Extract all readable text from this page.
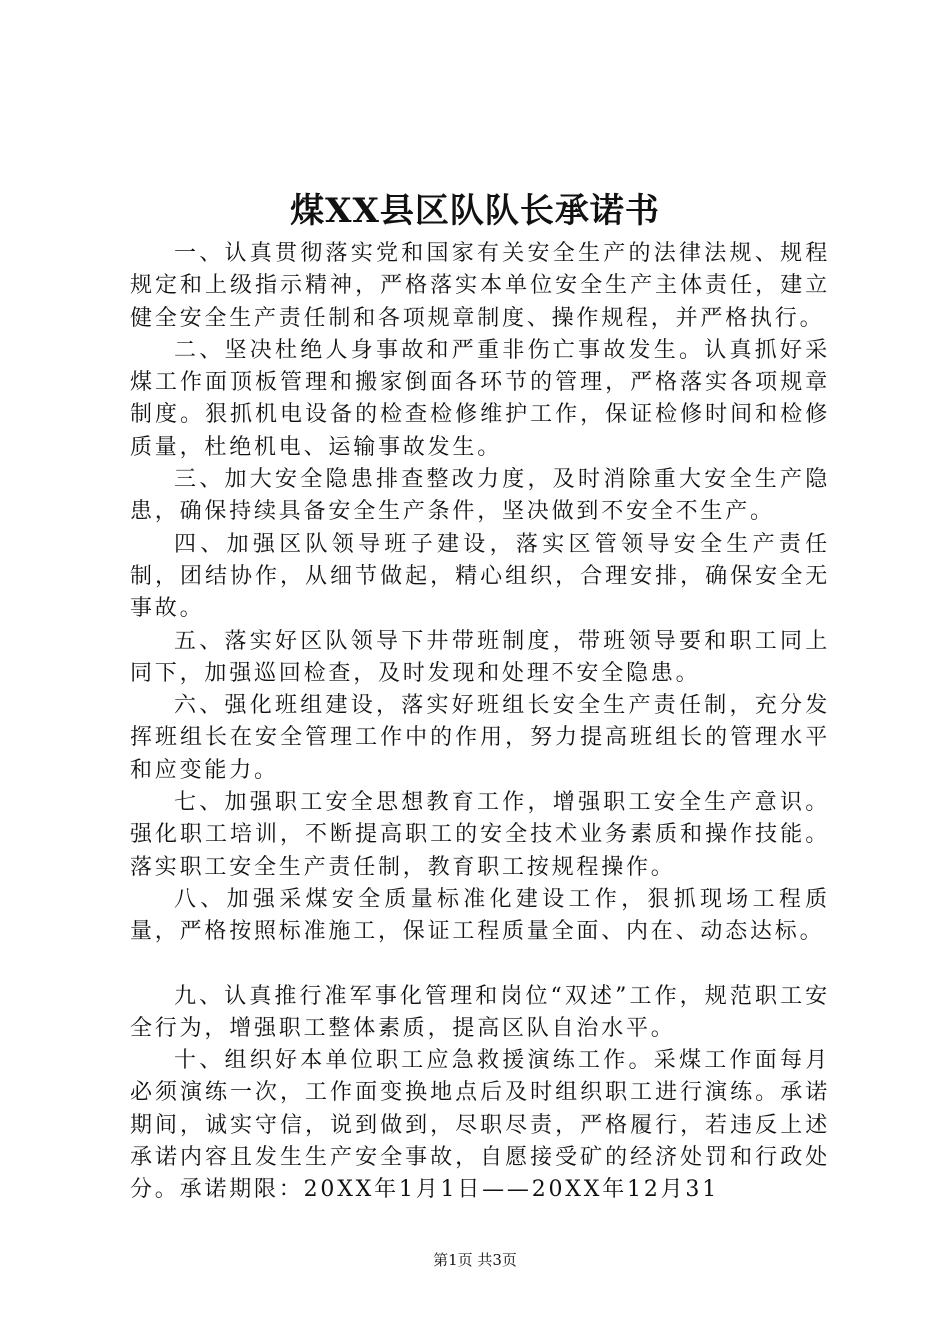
煤XX县区队队长承诺书

一、认真贯彻落实党和国家有关安全生产的法律法规、规程规定和上级指示精神，严格落实本单位安全生产主体责任，建立健全安全生产责任制和各项规章制度、操作规程，并严格执行。

二、坚决杜绝人身事故和严重非伤亡事故发生。认真抓好采煤工作面顶板管理和搬家倒面各环节的管理，严格落实各项规章制度。狠抓机电设备的检查检修维护工作，保证检修时间和检修质量，杜绝机电、运输事故发生。

三、加大安全隐患排查整改力度，及时消除重大安全生产隐患，确保持续具备安全生产条件，坚决做到不安全不生产。

四、加强区队领导班子建设，落实区管领导安全生产责任制，团结协作，从细节做起，精心组织，合理安排，确保安全无事故。

五、落实好区队领导下井带班制度，带班领导要和职工同上同下，加强巡回检查，及时发现和处理不安全隐患。

六、强化班组建设，落实好班组长安全生产责任制，充分发挥班组长在安全管理工作中的作用，努力提高班组长的管理水平和应变能力。

七、加强职工安全思想教育工作，增强职工安全生产意识。强化职工培训，不断提高职工的安全技术业务素质和操作技能。落实职工安全生产责任制，教育职工按规程操作。

八、加强采煤安全质量标准化建设工作，狠抓现场工程质量，严格按照标准施工，保证工程质量全面、内在、动态达标。

九、认真推行准军事化管理和岗位“双述”工作，规范职工安全行为，增强职工整体素质，提高区队自治水平。

十、组织好本单位职工应急救援演练工作。采煤工作面每月必须演练一次，工作面变换地点后及时组织职工进行演练。承诺期间，诚实守信，说到做到，尽职尽责，严格履行，若违反上述承诺内容且发生生产安全事故，自愿接受矿的经济处罚和行政处分。承诺期限：20XX年1月1日——20XX年12月31

第1页 共3页
